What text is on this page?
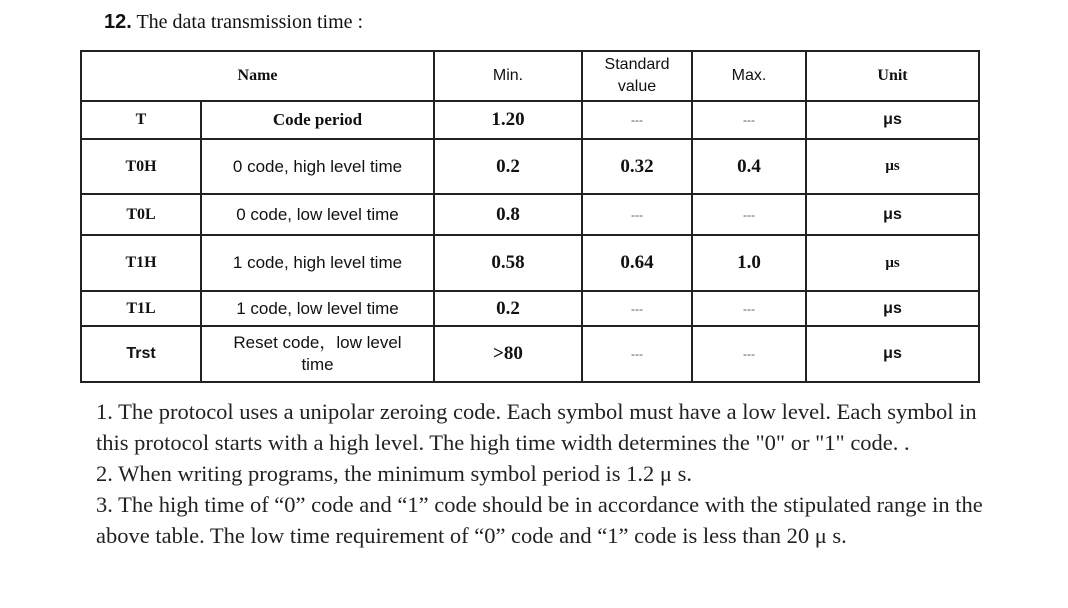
12. The data transmission time :
Name		Min.	Standard value	Max.	Unit
T	Code period	1.20	---	---	μs
T0H	0 code, high level time	0.2	0.32	0.4	μs
T0L	0 code, low level time	0.8	---	---	μs
T1H	1 code, high level time	0.58	0.64	1.0	μs
T1L	1 code, low level time	0.2	---	---	μs
Trst	Reset code，low level time	>80	---	---	μs

1. The protocol uses a unipolar zeroing code. Each symbol must have a low level. Each symbol in this protocol starts with a high level. The high time width determines the "0" or "1" code. .

2. When writing programs, the minimum symbol period is 1.2 μ s.

3. The high time of “0” code and “1” code should be in accordance with the stipulated range in the above table. The low time requirement of “0” code and “1” code is less than 20 μ s.
